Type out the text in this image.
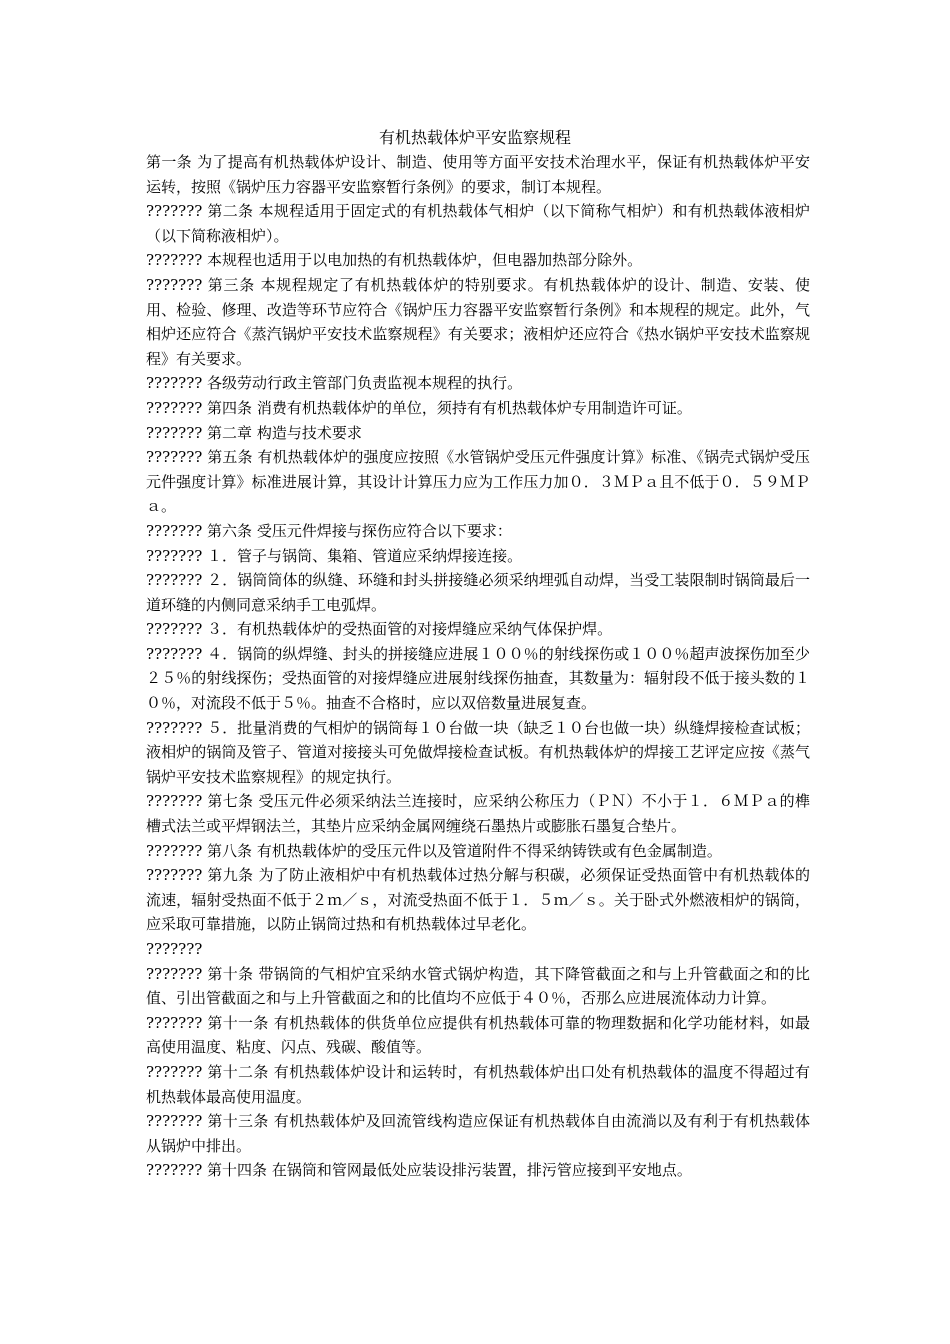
有机热载体炉平安监察规程

第一条 为了提高有机热载体炉设计、制造、使用等方面平安技术治理水平，保证有机热载体炉平安运转，按照《锅炉压力容器平安监察暂行条例》的要求，制订本规程。

??????? 第二条 本规程适用于固定式的有机热载体气相炉（以下简称气相炉）和有机热载体液相炉（以下简称液相炉）。

??????? 本规程也适用于以电加热的有机热载体炉，但电器加热部分除外。

??????? 第三条 本规程规定了有机热载体炉的特别要求。有机热载体炉的设计、制造、安装、使用、检验、修理、改造等环节应符合《锅炉压力容器平安监察暂行条例》和本规程的规定。此外，气相炉还应符合《蒸汽锅炉平安技术监察规程》有关要求；液相炉还应符合《热水锅炉平安技术监察规程》有关要求。

??????? 各级劳动行政主管部门负责监视本规程的执行。

??????? 第四条 消费有机热载体炉的单位，须持有有机热载体炉专用制造许可证。

??????? 第二章 构造与技术要求

??????? 第五条 有机热载体炉的强度应按照《水管锅炉受压元件强度计算》标准、《锅壳式锅炉受压元件强度计算》标准进展计算，其设计计算压力应为工作压力加０．３ＭＰａ且不低于０．５９ＭＰａ。

??????? 第六条 受压元件焊接与探伤应符合以下要求：

??????? １．管子与锅筒、集箱、管道应采纳焊接连接。

??????? ２．锅筒筒体的纵缝、环缝和封头拼接缝必须采纳埋弧自动焊，当受工装限制时锅筒最后一道环缝的内侧同意采纳手工电弧焊。

??????? ３．有机热载体炉的受热面管的对接焊缝应采纳气体保护焊。

??????? ４．锅筒的纵焊缝、封头的拼接缝应进展１００％的射线探伤或１００％超声波探伤加至少２５％的射线探伤；受热面管的对接焊缝应进展射线探伤抽查，其数量为：辐射段不低于接头数的１０％，对流段不低于５％。抽查不合格时，应以双倍数量进展复查。

??????? ５．批量消费的气相炉的锅筒每１０台做一块（缺乏１０台也做一块）纵缝焊接检查试板；液相炉的锅筒及管子、管道对接接头可免做焊接检查试板。有机热载体炉的焊接工艺评定应按《蒸气锅炉平安技术监察规程》的规定执行。

??????? 第七条 受压元件必须采纳法兰连接时，应采纳公称压力（ＰＮ）不小于１．６ＭＰａ的榫槽式法兰或平焊钢法兰，其垫片应采纳金属网缠绕石墨热片或膨胀石墨复合垫片。

??????? 第八条 有机热载体炉的受压元件以及管道附件不得采纳铸铁或有色金属制造。

??????? 第九条 为了防止液相炉中有机热载体过热分解与积碳，必须保证受热面管中有机热载体的流速，辐射受热面不低于２ｍ／ｓ，对流受热面不低于１．５ｍ／ｓ。关于卧式外燃液相炉的锅筒，应采取可靠措施，以防止锅筒过热和有机热载体过早老化。

???????

??????? 第十条 带锅筒的气相炉宜采纳水管式锅炉构造，其下降管截面之和与上升管截面之和的比值、引出管截面之和与上升管截面之和的比值均不应低于４０％，否那么应进展流体动力计算。

??????? 第十一条 有机热载体的供货单位应提供有机热载体可靠的物理数据和化学功能材料，如最高使用温度、粘度、闪点、残碳、酸值等。

??????? 第十二条 有机热载体炉设计和运转时，有机热载体炉出口处有机热载体的温度不得超过有机热载体最高使用温度。

??????? 第十三条 有机热载体炉及回流管线构造应保证有机热载体自由流淌以及有利于有机热载体从锅炉中排出。

??????? 第十四条 在锅筒和管网最低处应装设排污装置，排污管应接到平安地点。
